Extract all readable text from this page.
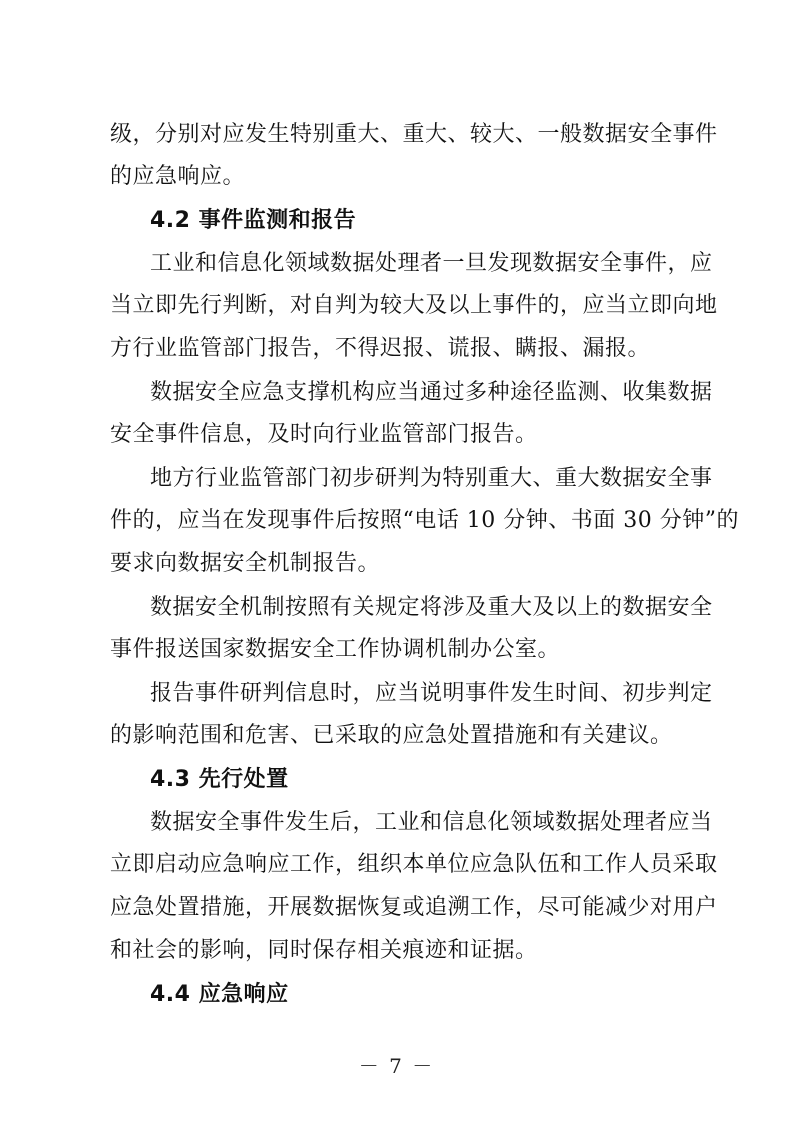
级，分别对应发生特别重大、重大、较大、一般数据安全事件
的应急响应。
4.2 事件监测和报告
工业和信息化领域数据处理者一旦发现数据安全事件，应
当立即先行判断，对自判为较大及以上事件的，应当立即向地
方行业监管部门报告，不得迟报、谎报、瞒报、漏报。
数据安全应急支撑机构应当通过多种途径监测、收集数据
安全事件信息，及时向行业监管部门报告。
地方行业监管部门初步研判为特别重大、重大数据安全事
件的，应当在发现事件后按照“电话 10 分钟、书面 30 分钟”的
要求向数据安全机制报告。
数据安全机制按照有关规定将涉及重大及以上的数据安全
事件报送国家数据安全工作协调机制办公室。
报告事件研判信息时，应当说明事件发生时间、初步判定
的影响范围和危害、已采取的应急处置措施和有关建议。
4.3 先行处置
数据安全事件发生后，工业和信息化领域数据处理者应当
立即启动应急响应工作，组织本单位应急队伍和工作人员采取
应急处置措施，开展数据恢复或追溯工作，尽可能减少对用户
和社会的影响，同时保存相关痕迹和证据。
4.4 应急响应
－ 7 －
